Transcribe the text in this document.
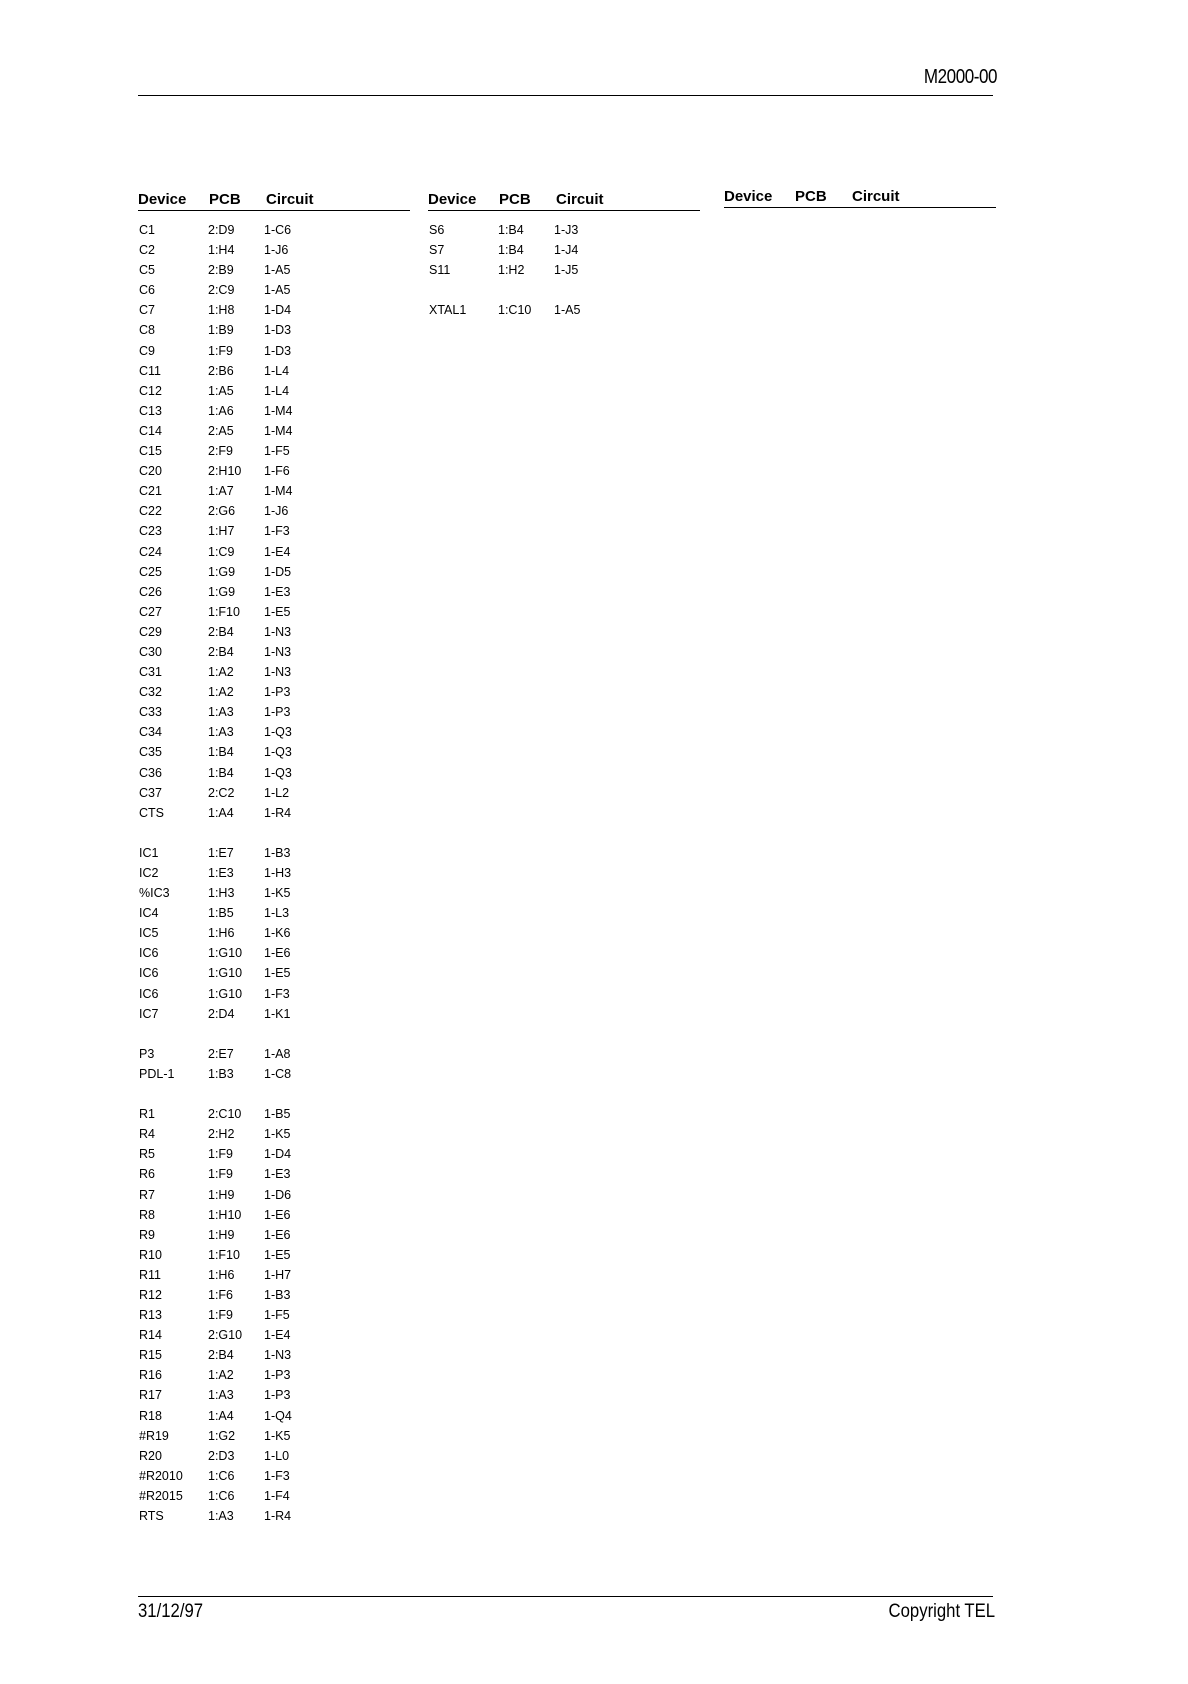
M2000-00
Device PCB Circuit
C1	2:D9 1-C6
C2	1:H4 1-J6
C5	2:B9 1-A5
C6	2:C9 1-A5
C7	1:H8 1-D4
C8	1:B9 1-D3
C9	1:F9 1-D3
C11	2:B6 1-L4
C12	1:A5 1-L4
C13	1:A6 1-M4
C14	2:A5 1-M4
C15	2:F9 1-F5
C20	2:H10 1-F6
C21	1:A7 1-M4
C22	2:G6 1-J6
C23	1:H7 1-F3
C24	1:C9 1-E4
C25	1:G9 1-D5
C26	1:G9 1-E3
C27	1:F10 1-E5
C29	2:B4 1-N3
C30	2:B4 1-N3
C31	1:A2 1-N3
C32	1:A2 1-P3
C33	1:A3 1-P3
C34	1:A3 1-Q3
C35	1:B4 1-Q3
C36	1:B4 1-Q3
C37	2:C2 1-L2
CTS	1:A4 1-R4
IC1	1:E7 1-B3
IC2	1:E3 1-H3
%IC3	1:H3 1-K5
IC4	1:B5 1-L3
IC5	1:H6 1-K6
IC6	1:G10 1-E6
IC6	1:G10 1-E5
IC6	1:G10 1-F3
IC7	2:D4 1-K1
P3	2:E7 1-A8
PDL-1	1:B3 1-C8
R1	2:C10 1-B5
R4	2:H2 1-K5
R5	1:F9 1-D4
R6	1:F9 1-E3
R7	1:H9 1-D6
R8	1:H10 1-E6
R9	1:H9 1-E6
R10	1:F10 1-E5
R11	1:H6 1-H7
R12	1:F6 1-B3
R13	1:F9 1-F5
R14	2:G10 1-E4
R15	2:B4 1-N3
R16	1:A2 1-P3
R17	1:A3 1-P3
R18	1:A4 1-Q4
#R19	1:G2 1-K5
R20	2:D3 1-L0
#R2010 1:C6 1-F3
#R2015 1:C6 1-F4
RTS	1:A3 1-R4
Device PCB Circuit
S6	1:B4 1-J3
S7	1:B4 1-J4
S11	1:H2 1-J5
XTAL1	1:C10 1-A5
Device PCB Circuit
31/12/97	Copyright TEL
